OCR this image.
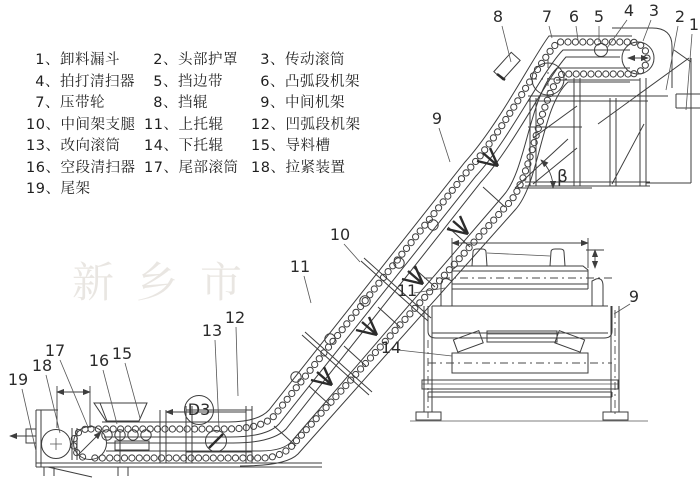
1、卸料漏斗	2、头部护罩	3、传动滚筒
4、拍打清扫器	5、挡边带	6、凸弧段机架
7、压带轮	8、挡辊	9、中间机架
10、中间架支腿 11、上托辊	12、凹弧段机架
13、改向滚筒	14、下托辊	15、导料槽
16、空段清扫器 17、尾部滚筒 18、拉紧装置
19、尾架
新乡市
D3
β
8 7 6 5 4 3 2 1
9
10
11
12
13
15
16
17
18
19
11
14
9
